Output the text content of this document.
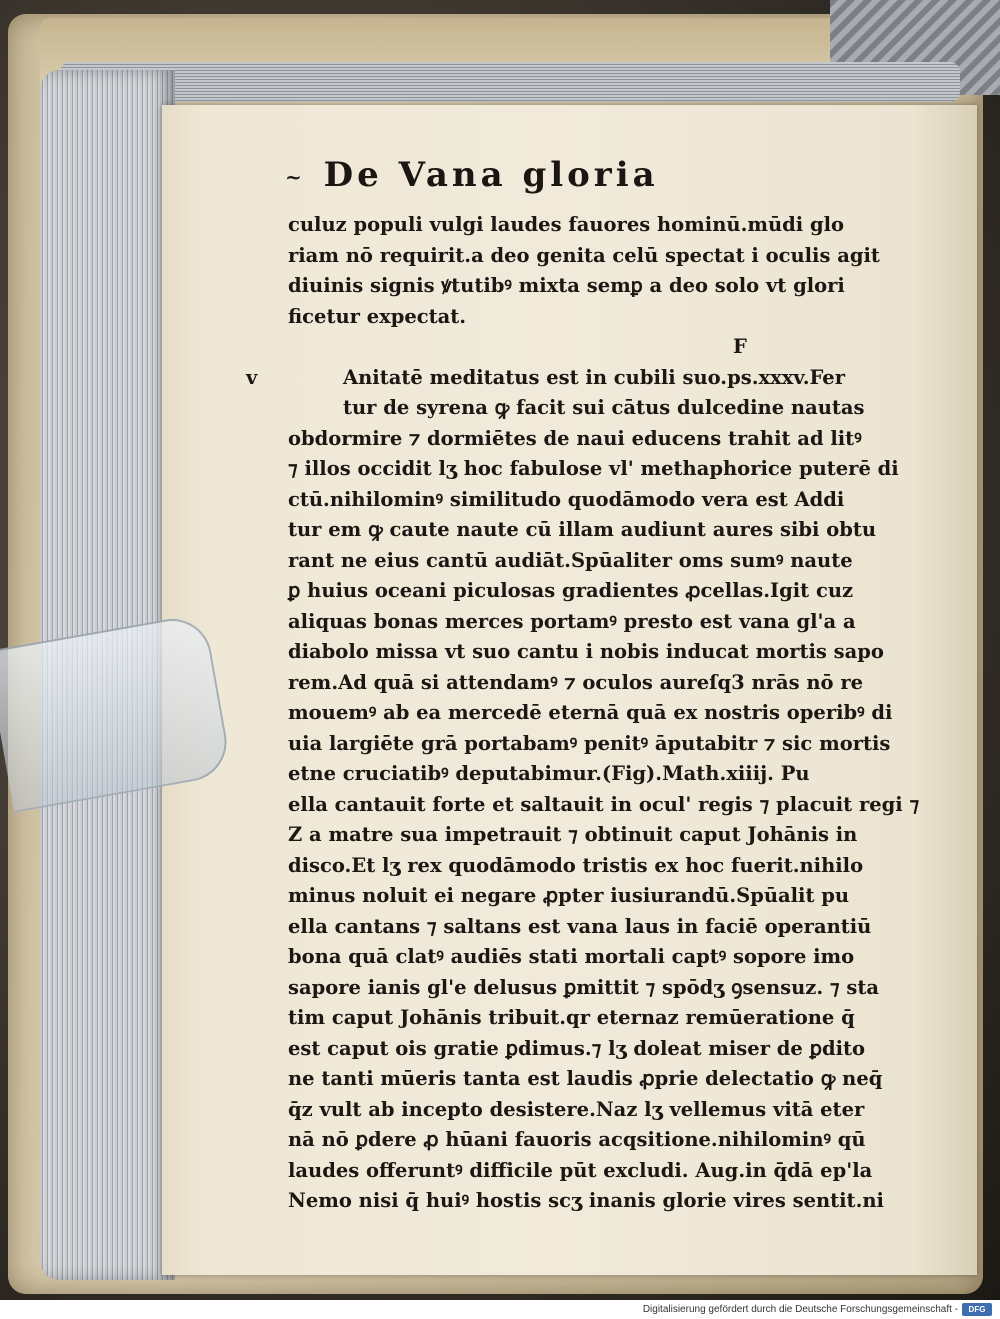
~ De Vana gloria
culuz populi vulgi laudes fauores hominū.mūdi glo
riam nō requirit.a deo genita celū spectat i oculis agit
diuinis signis ꝟtutibꝰ mixta semꝑ a deo solo vt glori
ficetur expectat.
F
v	Anitatē meditatus est in cubili suo.ps.xxxv.Fer
tur de syrena ꝙ facit sui cātus dulcedine nautas
obdormire ⁊ dormiētes de naui educens trahit ad litꝰ
⁊ illos occidit lʒ hoc fabulose vl' methaphorice puterē di
ctū.nihilominꝰ similitudo quodāmodo vera est Addi
tur em ꝙ caute naute cū illam audiunt aures sibi obtu
rant ne eius cantū audiāt.Spūaliter oms sumꝰ naute
ꝑ huius oceani piculosas gradientes ꝓcellas.Igit cuz
aliquas bonas merces portamꝰ presto est vana gl'a a
diabolo missa vt suo cantu i nobis inducat mortis sapo
rem.Ad quā si attendamꝰ ⁊ oculos aureſq3 nrās nō re
mouemꝰ ab ea mercedē eternā quā ex nostris operibꝰ di
uia largiēte grā portabamꝰ penitꝰ āputabitr ⁊ sic mortis
etne cruciatibꝰ deputabimur.(Fig).Math.xiiij. Pu
ella cantauit forte et saltauit in ocul' regis ⁊ placuit regi ⁊
Z a matre sua impetrauit ⁊ obtinuit caput Johānis in
disco.Et lʒ rex quodāmodo tristis ex hoc fuerit.nihilo
minus noluit ei negare ꝓpter iusiurandū.Spūalit pu
ella cantans ⁊ saltans est vana laus in faciē operantiū
bona quā clatꝰ audiēs stati mortali captꝰ sopore imo
sapore ianis gl'e delusus ꝑmittit ⁊ spōdʒ ꝯsensuz. ⁊ sta
tim caput Johānis tribuit.qr eternaz remūeratione q̄
est caput ois gratie ꝑdimus.⁊ lʒ doleat miser de ꝑdito
ne tanti mūeris tanta est laudis ꝓprie delectatio ꝙ neq̄
q̄z vult ab incepto desistere.Naz lʒ vellemus vitā eter
nā nō ꝑdere ꝓ hūani fauoris acqsitione.nihilominꝰ qū
laudes offeruntꝰ difficile pūt excludi. Aug.in q̄dā ep'la
Nemo nisi q̄ huiꝰ hostis scʒ inanis glorie vires sentit.ni
Digitalisierung gefördert durch die Deutsche Forschungsgemeinschaft -	DFG
